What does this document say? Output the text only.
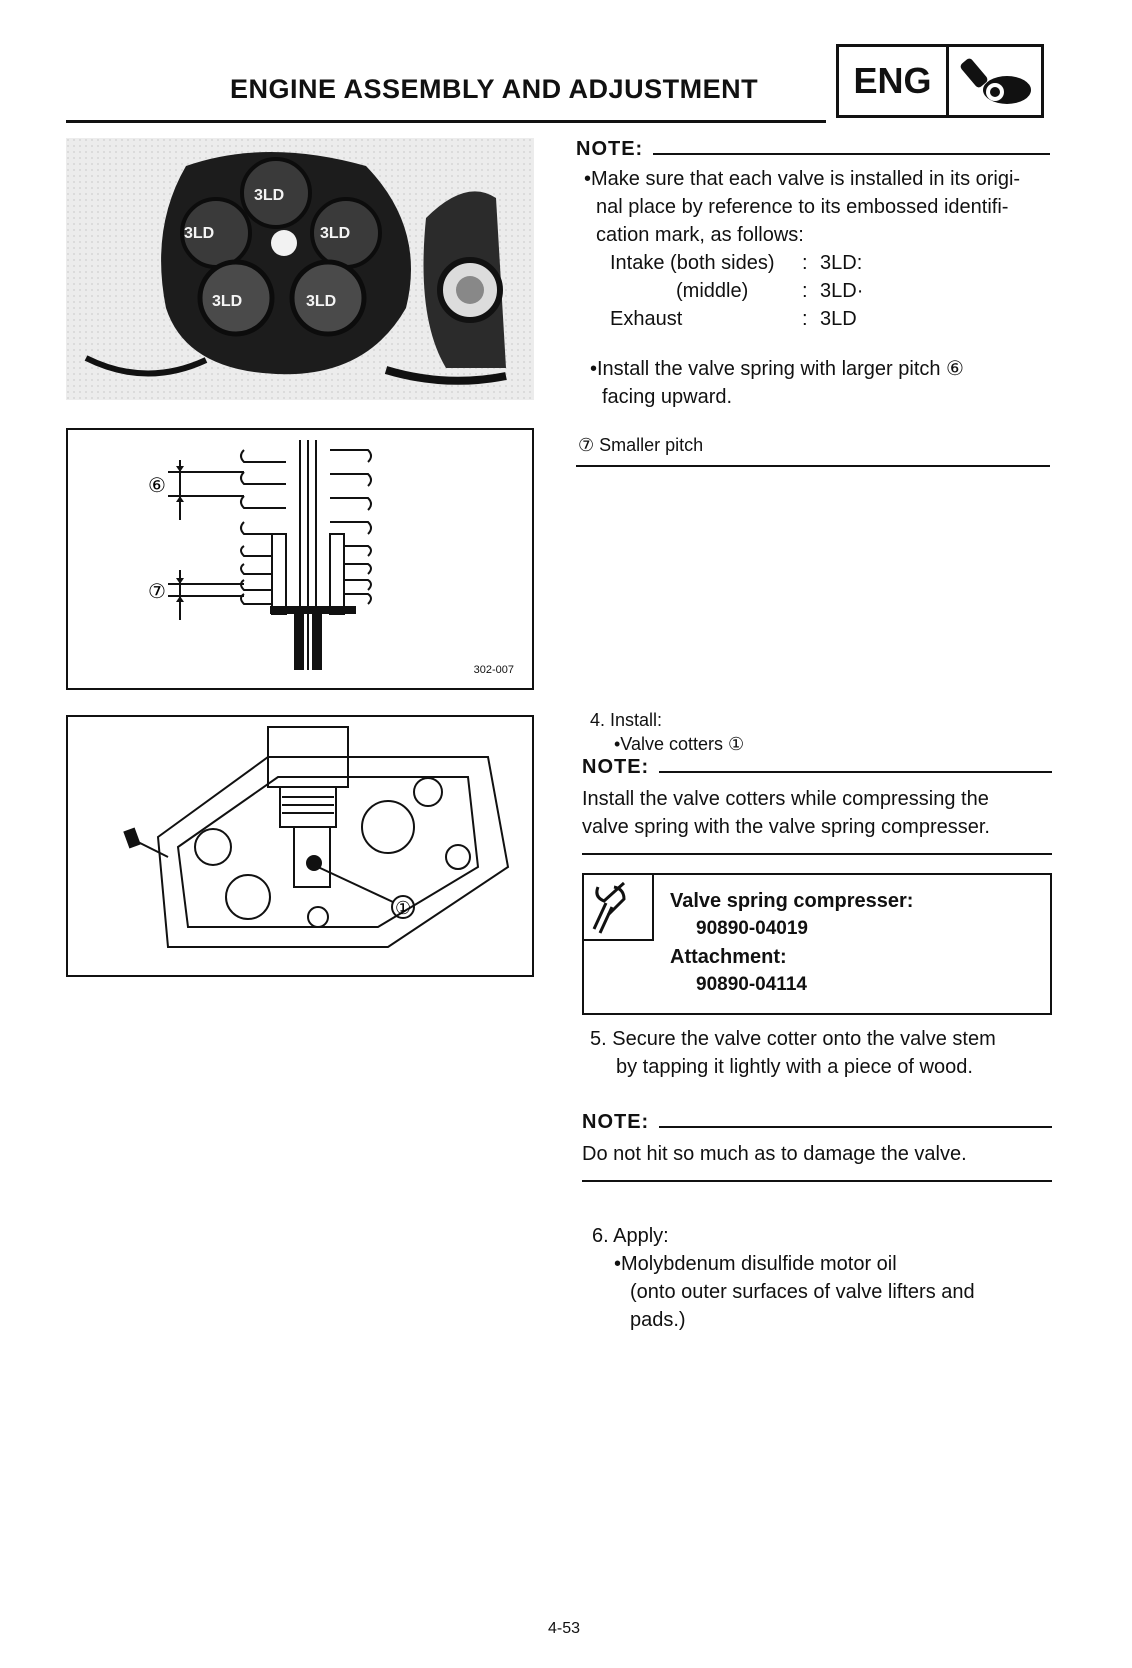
ENGINE ASSEMBLY AND ADJUSTMENT	ENG
3LD
3LD	3LD
3LD	3LD
⑥
⑦
302-007
①
NOTE:
•Make sure that each valve is installed in its origi-
nal place by reference to its embossed identifi-
cation mark, as follows:
Intake (both sides)	: 3LD:
(middle)	: 3LD·
Exhaust	: 3LD
•Install the valve spring with larger pitch ⑥
facing upward.
⑦ Smaller pitch
4. Install:
•Valve cotters ①
NOTE:
Install the valve cotters while compressing the
valve spring with the valve spring compresser.
Valve spring compresser:
90890-04019
Attachment:
90890-04114
5. Secure the valve cotter onto the valve stem
by tapping it lightly with a piece of wood.
NOTE:
Do not hit so much as to damage the valve.
6. Apply:
•Molybdenum disulfide motor oil
(onto outer surfaces of valve lifters and
pads.)
4-53
